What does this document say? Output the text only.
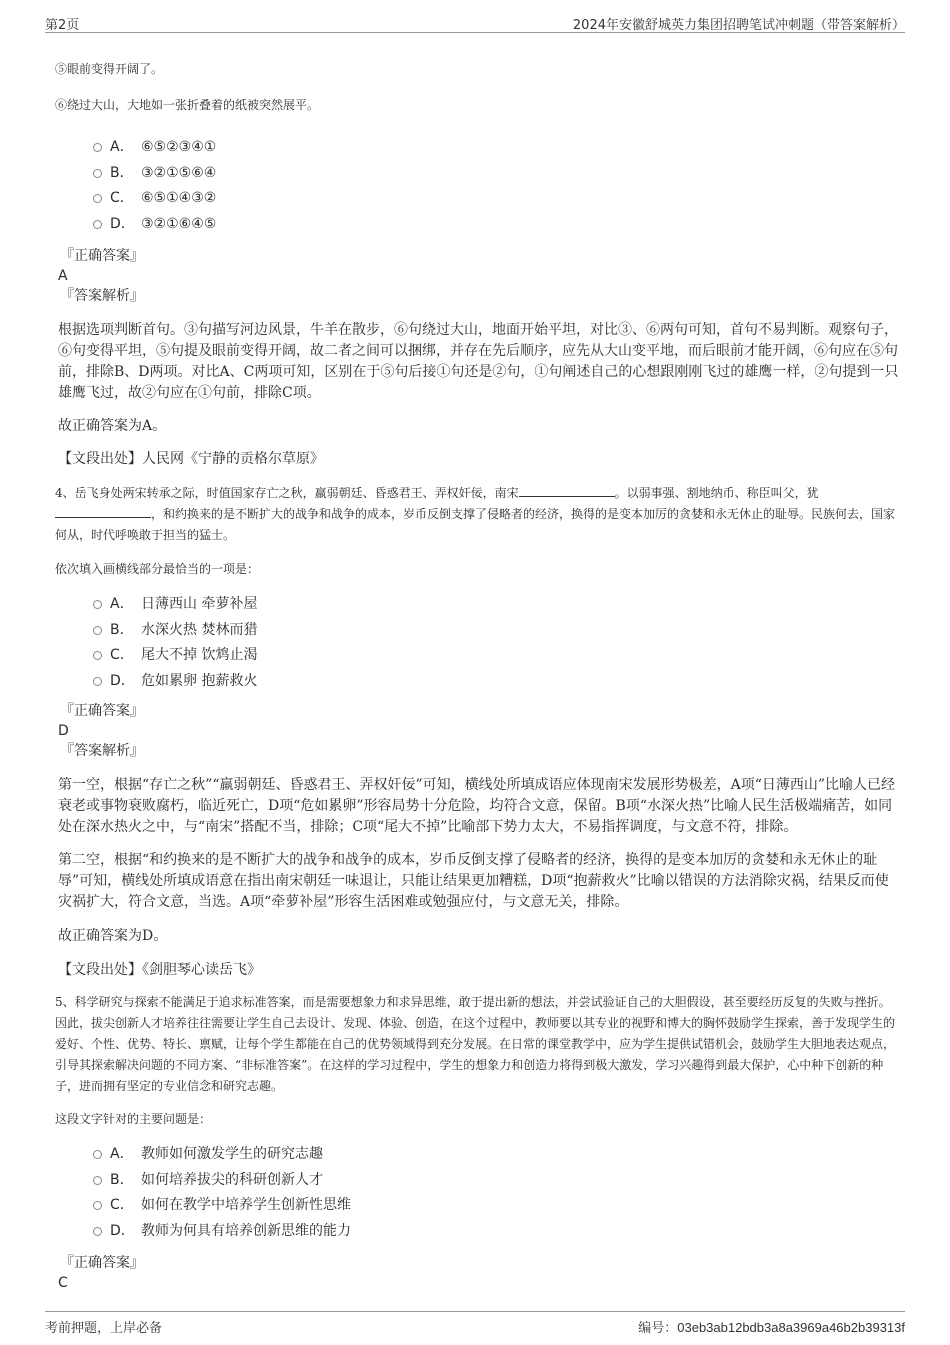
第2页	2024年安徽舒城英力集团招聘笔试冲刺题（带答案解析）

⑤眼前变得开阔了。

⑥绕过大山，大地如一张折叠着的纸被突然展平。

A． ⑥⑤②③④①
B． ③②①⑤⑥④
C． ⑥⑤①④③②
D． ③②①⑥④⑤

『正确答案』

A

『答案解析』

根据选项判断首句。③句描写河边风景，牛羊在散步，⑥句绕过大山，地面开始平坦，对比③、⑥两句可知，首句不易判断。观察句子，⑥句变得平坦，⑤句提及眼前变得开阔，故二者之间可以捆绑，并存在先后顺序，应先从大山变平地，而后眼前才能开阔，⑥句应在⑤句前，排除B、D两项。对比A、C两项可知，区别在于⑤句后接①句还是②句，①句阐述自己的心想跟刚刚飞过的雄鹰一样，②句提到一只雄鹰飞过，故②句应在①句前，排除C项。

故正确答案为A。

【文段出处】人民网《宁静的贡格尔草原》

4、岳飞身处两宋转承之际，时值国家存亡之秋，羸弱朝廷、昏惑君王、弄权奸佞，南宋	。以弱事强、割地纳币、称臣叫父，犹，和约换来的是不断扩大的战争和战争的成本，岁币反倒支撑了侵略者的经济，换得的是变本加厉的贪婪和永无休止的耻辱。民族何去，国家何从，时代呼唤敢于担当的猛士。

依次填入画横线部分最恰当的一项是：

A． 日薄西山 牵萝补屋
B． 水深火热 焚林而猎
C． 尾大不掉 饮鸩止渴
D． 危如累卵 抱薪救火

『正确答案』

D

『答案解析』

第一空，根据“存亡之秋”“羸弱朝廷、昏惑君王、弄权奸佞”可知，横线处所填成语应体现南宋发展形势极差，A项“日薄西山”比喻人已经衰老或事物衰败腐朽，临近死亡，D项“危如累卵”形容局势十分危险，均符合文意，保留。B项“水深火热”比喻人民生活极端痛苦，如同处在深水热火之中，与“南宋”搭配不当，排除；C项“尾大不掉”比喻部下势力太大，不易指挥调度，与文意不符，排除。

第二空，根据“和约换来的是不断扩大的战争和战争的成本，岁币反倒支撑了侵略者的经济，换得的是变本加厉的贪婪和永无休止的耻辱”可知，横线处所填成语意在指出南宋朝廷一味退让，只能让结果更加糟糕，D项“抱薪救火”比喻以错误的方法消除灾祸，结果反而使灾祸扩大，符合文意，当选。A项“牵萝补屋”形容生活困难或勉强应付，与文意无关，排除。

故正确答案为D。

【文段出处】《剑胆琴心读岳飞》

5、科学研究与探索不能满足于追求标准答案，而是需要想象力和求异思维，敢于提出新的想法，并尝试验证自己的大胆假设，甚至要经历反复的失败与挫折。因此，拔尖创新人才培养往往需要让学生自己去设计、发现、体验、创造，在这个过程中，教师要以其专业的视野和博大的胸怀鼓励学生探索，善于发现学生的爱好、个性、优势、特长、禀赋，让每个学生都能在自己的优势领域得到充分发展。在日常的课堂教学中，应为学生提供试错机会，鼓励学生大胆地表达观点，引导其探索解决问题的不同方案、“非标准答案”。在这样的学习过程中，学生的想象力和创造力将得到极大激发，学习兴趣得到最大保护，心中种下创新的种子，进而拥有坚定的专业信念和研究志趣。

这段文字针对的主要问题是：

A． 教师如何激发学生的研究志趣
B． 如何培养拔尖的科研创新人才
C． 如何在教学中培养学生创新性思维
D． 教师为何具有培养创新思维的能力

『正确答案』

C

考前押题，上岸必备	编号：03eb3ab12bdb3a8a3969a46b2b39313f
